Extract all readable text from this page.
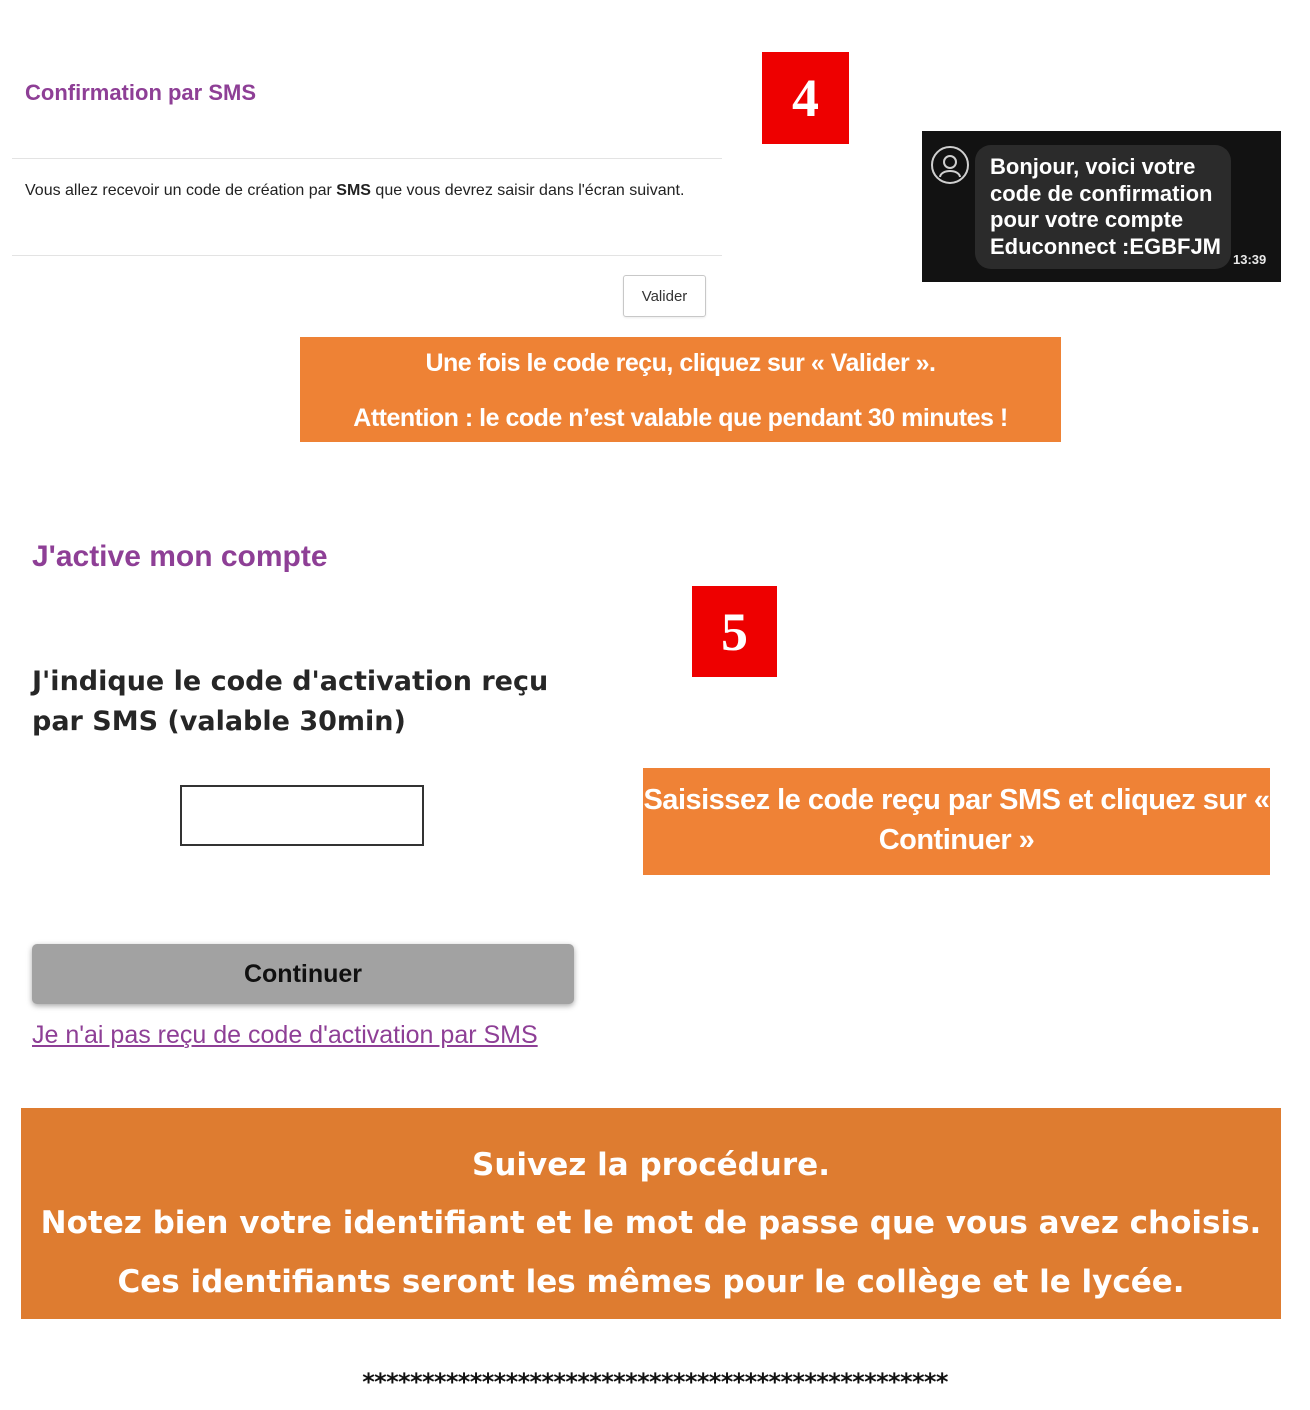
Confirmation par SMS
Vous allez recevoir un code de création par SMS que vous devrez saisir dans l'écran suivant.
Valider
4
Bonjour, voici votre code de confirmation pour votre compte Educonnect :EGBFJM
13:39
Une fois le code reçu, cliquez sur « Valider ».
Attention : le code n’est valable que pendant 30 minutes !
J'active mon compte
5
J'indique le code d'activation reçu par SMS (valable 30min)
Saisissez le code reçu par SMS et cliquez sur « Continuer »
Continuer
Je n'ai pas reçu de code d'activation par SMS
Suivez la procédure.
Notez bien votre identifiant et le mot de passe que vous avez choisis.
Ces identifiants seront les mêmes pour le collège et le lycée.
*************************************************
